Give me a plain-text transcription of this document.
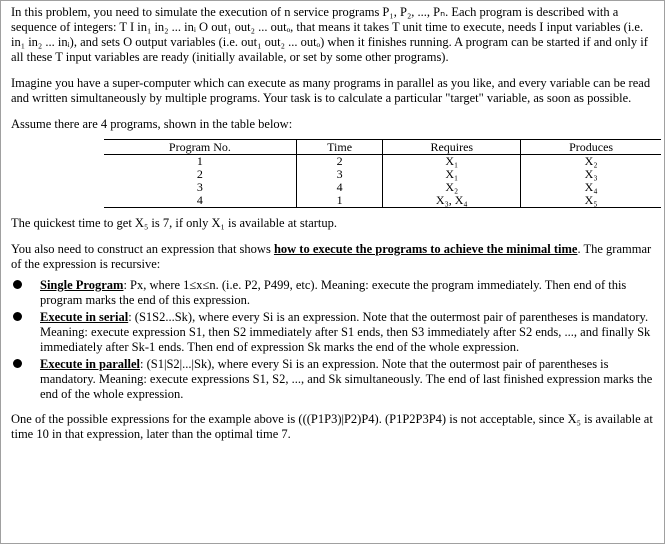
In this problem, you need to simulate the execution of n service programs P₁, P₂, ..., Pₙ. Each program is described with a sequence of integers: T I in₁ in₂ ... inᵢ O out₁ out₂ ... outₒ, that means it takes T unit time to execute, needs I input variables (i.e. in₁ in₂ ... inᵢ), and sets O output variables (i.e. out₁ out₂ ... outₒ) when it finishes running. A program can be started if and only if all these T input variables are ready (initially available, or set by some other programs).

Imagine you have a super-computer which can execute as many programs in parallel as you like, and every variable can be read and written simultaneously by multiple programs. Your task is to calculate a particular "target" variable, as soon as possible.

Assume there are 4 programs, shown in the table below:

Program No.	Time	Requires	Produces
1	2	X₁	X₂
2	3	X₁	X₃
3	4	X₂	X₄
4	1	X₃, X₄	X₅

The quickest time to get X₅ is 7, if only X₁ is available at startup.

You also need to construct an expression that shows how to execute the programs to achieve the minimal time. The grammar of the expression is recursive:

Single Program: Px, where 1≤x≤n. (i.e. P2, P499, etc). Meaning: execute the program immediately. Then end of this program marks the end of this expression.
Execute in serial: (S1S2...Sk), where every Si is an expression. Note that the outermost pair of parentheses is mandatory. Meaning: execute expression S1, then S2 immediately after S1 ends, then S3 immediately after S2 ends, ..., and finally Sk immediately after Sk-1 ends. Then end of expression Sk marks the end of the whole expression.
Execute in parallel: (S1|S2|...|Sk), where every Si is an expression. Note that the outermost pair of parentheses is mandatory. Meaning: execute expressions S1, S2, ..., and Sk simultaneously. The end of last finished expression marks the end of the whole expression.

One of the possible expressions for the example above is (((P1P3)|P2)P4). (P1P2P3P4) is not acceptable, since X₅ is available at time 10 in that expression, later than the optimal time 7.
